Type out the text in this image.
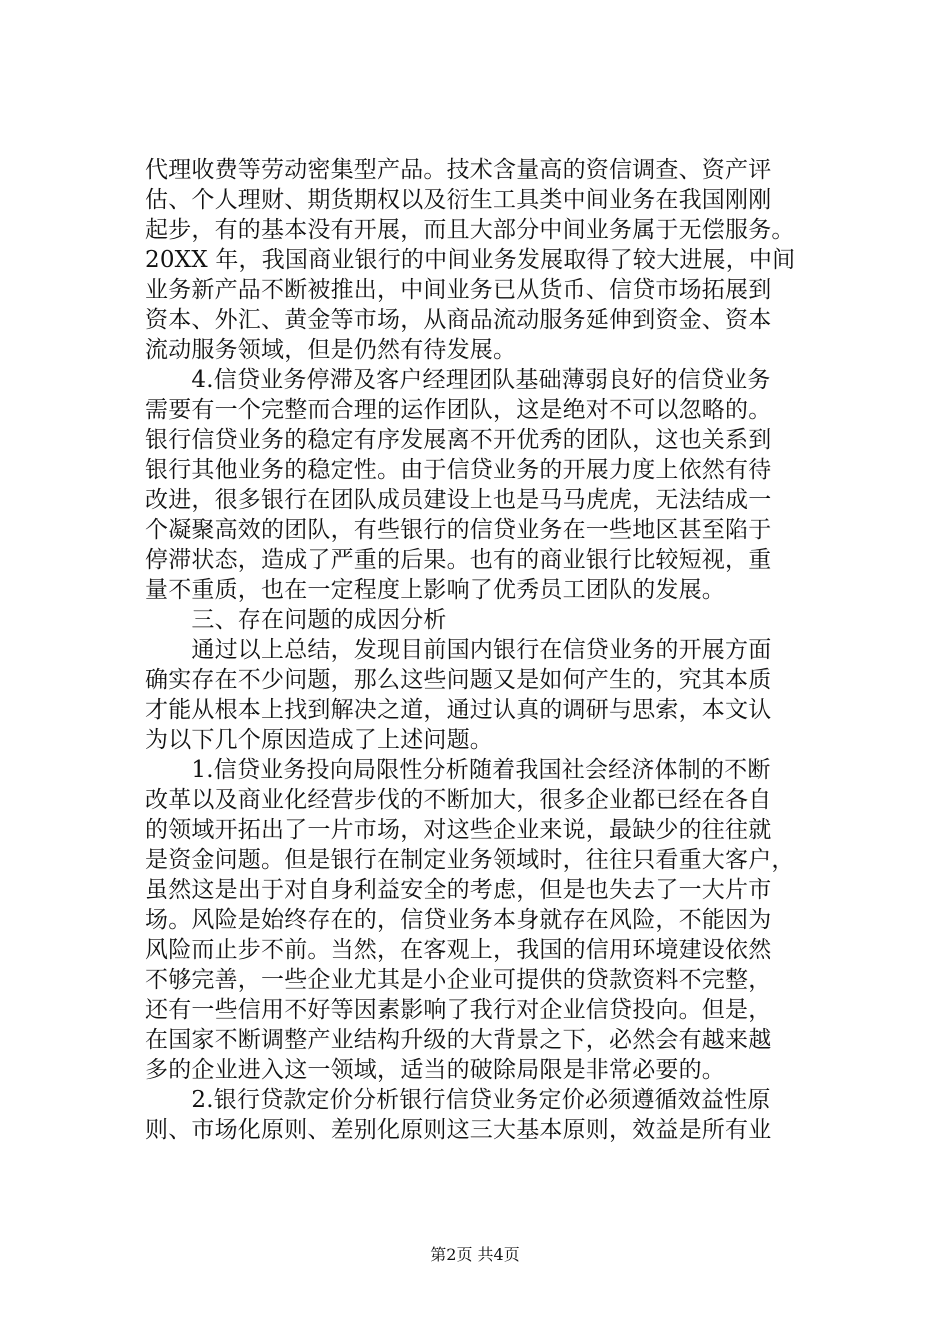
代理收费等劳动密集型产品。技术含量高的资信调查、资产评
估、个人理财、期货期权以及衍生工具类中间业务在我国刚刚
起步，有的基本没有开展，而且大部分中间业务属于无偿服务。
20XX 年，我国商业银行的中间业务发展取得了较大进展，中间
业务新产品不断被推出，中间业务已从货币、信贷市场拓展到
资本、外汇、黄金等市场，从商品流动服务延伸到资金、资本
流动服务领域，但是仍然有待发展。
　　4.信贷业务停滞及客户经理团队基础薄弱良好的信贷业务
需要有一个完整而合理的运作团队，这是绝对不可以忽略的。
银行信贷业务的稳定有序发展离不开优秀的团队，这也关系到
银行其他业务的稳定性。由于信贷业务的开展力度上依然有待
改进，很多银行在团队成员建设上也是马马虎虎，无法结成一
个凝聚高效的团队，有些银行的信贷业务在一些地区甚至陷于
停滞状态，造成了严重的后果。也有的商业银行比较短视，重
量不重质，也在一定程度上影响了优秀员工团队的发展。
　　三、存在问题的成因分析
　　通过以上总结，发现目前国内银行在信贷业务的开展方面
确实存在不少问题，那么这些问题又是如何产生的，究其本质
才能从根本上找到解决之道，通过认真的调研与思索，本文认
为以下几个原因造成了上述问题。
　　1.信贷业务投向局限性分析随着我国社会经济体制的不断
改革以及商业化经营步伐的不断加大，很多企业都已经在各自
的领域开拓出了一片市场，对这些企业来说，最缺少的往往就
是资金问题。但是银行在制定业务领域时，往往只看重大客户，
虽然这是出于对自身利益安全的考虑，但是也失去了一大片市
场。风险是始终存在的，信贷业务本身就存在风险，不能因为
风险而止步不前。当然，在客观上，我国的信用环境建设依然
不够完善，一些企业尤其是小企业可提供的贷款资料不完整，
还有一些信用不好等因素影响了我行对企业信贷投向。但是，
在国家不断调整产业结构升级的大背景之下，必然会有越来越
多的企业进入这一领域，适当的破除局限是非常必要的。
　　2.银行贷款定价分析银行信贷业务定价必须遵循效益性原
则、市场化原则、差别化原则这三大基本原则，效益是所有业
第2页 共4页
